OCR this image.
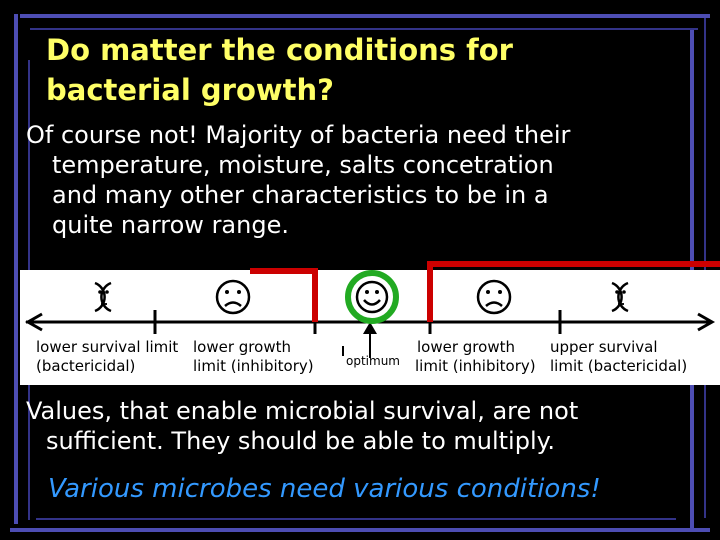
Do matter the conditions for
bacterial growth?
Of course not! Majority of bacteria need their
temperature, moisture, salts concetration
and many other characteristics to be in a
quite narrow range.
lower survival limit
(bactericidal)
lower growth
limit (inhibitory)	optimum
lower growth
limit (inhibitory)
upper survival
limit (bactericidal)
Values, that enable microbial survival, are not
sufficient. They should be able to multiply.

Various microbes need various conditions!
